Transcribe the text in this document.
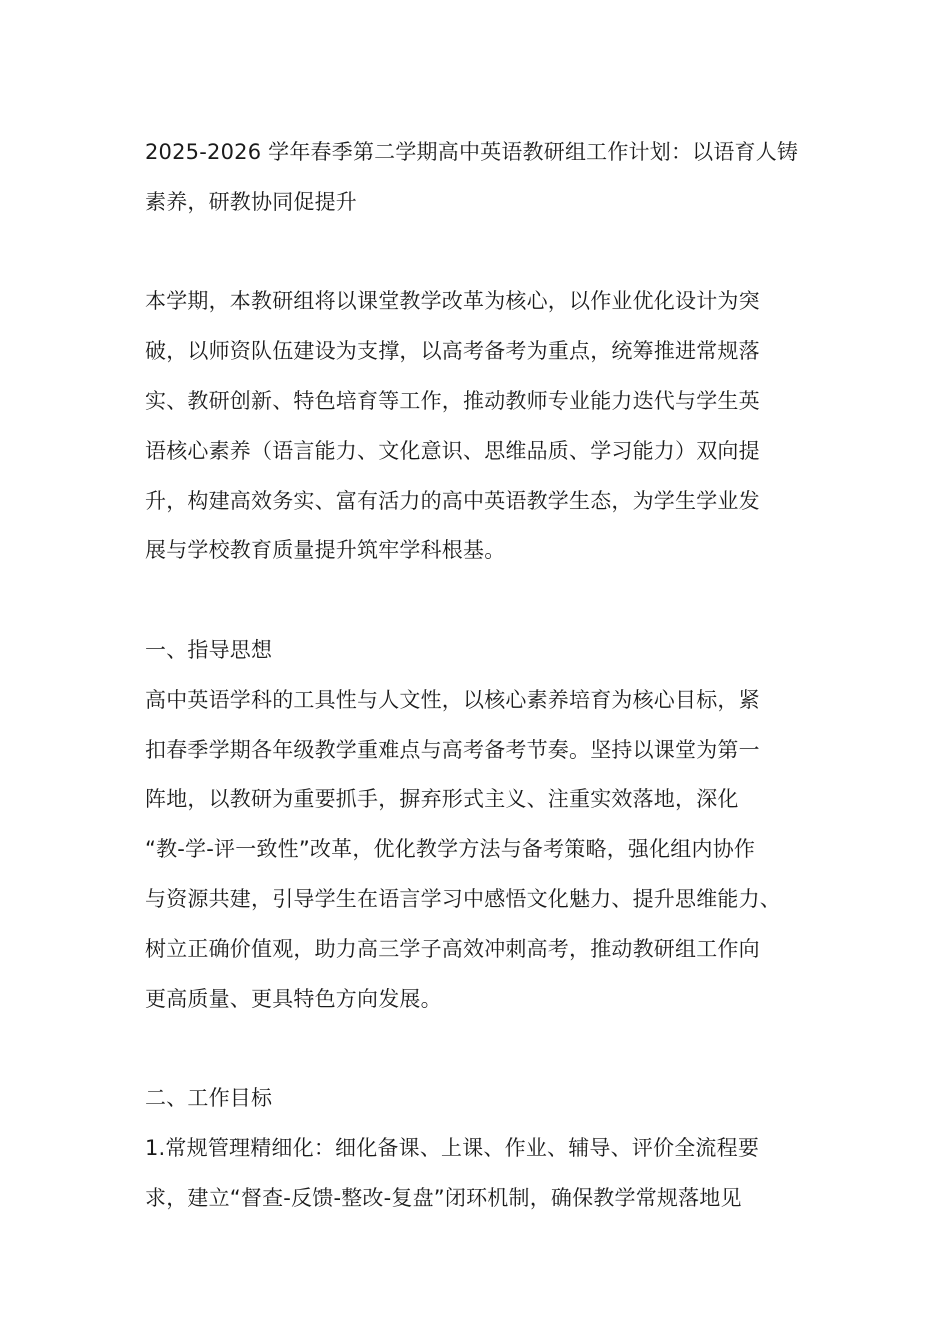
2025-2026 学年春季第二学期高中英语教研组工作计划：以语育人铸
素养，研教协同促提升
本学期，本教研组将以课堂教学改革为核心，以作业优化设计为突
破，以师资队伍建设为支撑，以高考备考为重点，统筹推进常规落
实、教研创新、特色培育等工作，推动教师专业能力迭代与学生英
语核心素养（语言能力、文化意识、思维品质、学习能力）双向提
升，构建高效务实、富有活力的高中英语教学生态，为学生学业发
展与学校教育质量提升筑牢学科根基。
一、指导思想
高中英语学科的工具性与人文性，以核心素养培育为核心目标，紧
扣春季学期各年级教学重难点与高考备考节奏。坚持以课堂为第一
阵地，以教研为重要抓手，摒弃形式主义、注重实效落地，深化
“教-学-评一致性”改革，优化教学方法与备考策略，强化组内协作
与资源共建，引导学生在语言学习中感悟文化魅力、提升思维能力、
树立正确价值观，助力高三学子高效冲刺高考，推动教研组工作向
更高质量、更具特色方向发展。
二、工作目标
1.常规管理精细化：细化备课、上课、作业、辅导、评价全流程要
求，建立“督查-反馈-整改-复盘”闭环机制，确保教学常规落地见
